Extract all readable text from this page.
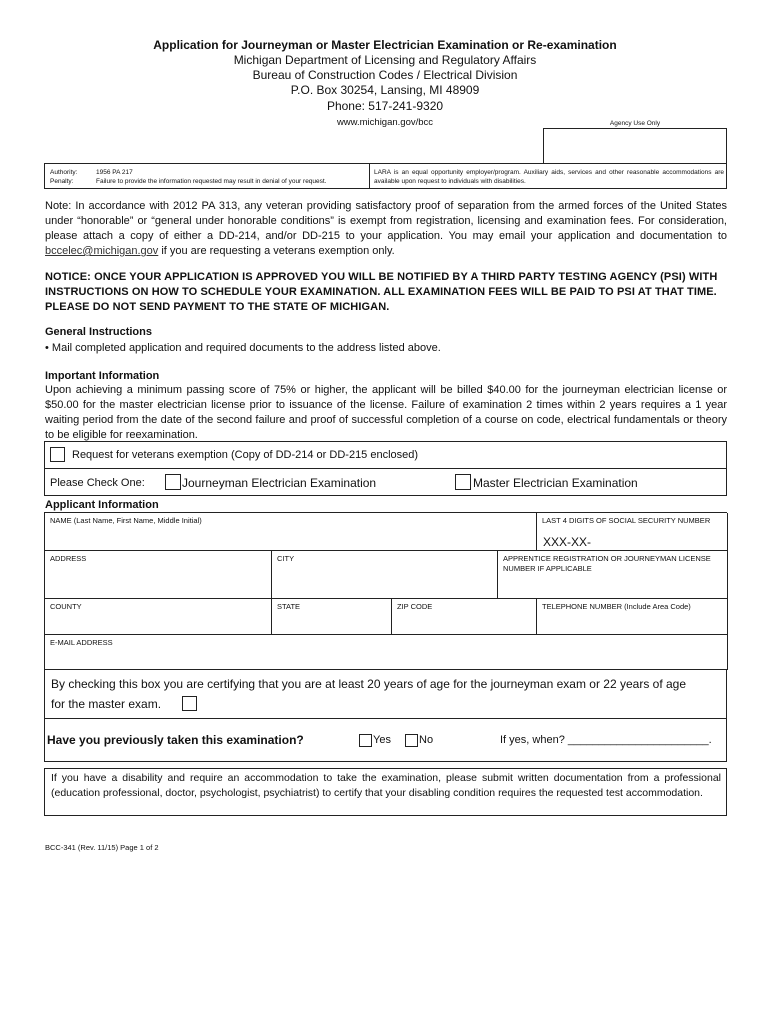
Application for Journeyman or Master Electrician Examination or Re-examination
Michigan Department of Licensing and Regulatory Affairs
Bureau of Construction Codes / Electrical Division
P.O. Box 30254, Lansing, MI 48909
Phone: 517-241-9320
www.michigan.gov/bcc	Agency Use Only
Authority:	1956 PA 217
Penalty:	Failure to provide the information requested may result in denial of your request.
LARA is an equal opportunity employer/program. Auxiliary aids, services and other reasonable accommodations are available upon request to individuals with disabilities.
Note: In accordance with 2012 PA 313, any veteran providing satisfactory proof of separation from the armed forces of the United States under “honorable” or “general under honorable conditions” is exempt from registration, licensing and examination fees. For consideration, please attach a copy of either a DD-214, and/or DD-215 to your application. You may email your application and documentation to bccelec@michigan.gov if you are requesting a veterans exemption only.
NOTICE: ONCE YOUR APPLICATION IS APPROVED YOU WILL BE NOTIFIED BY A THIRD PARTY TESTING AGENCY (PSI) WITH INSTRUCTIONS ON HOW TO SCHEDULE YOUR EXAMINATION. ALL EXAMINATION FEES WILL BE PAID TO PSI AT THAT TIME. PLEASE DO NOT SEND PAYMENT TO THE STATE OF MICHIGAN.
General Instructions
• Mail completed application and required documents to the address listed above.
Important Information
Upon achieving a minimum passing score of 75% or higher, the applicant will be billed $40.00 for the journeyman electrician license or $50.00 for the master electrician license prior to issuance of the license. Failure of examination 2 times within 2 years requires a 1 year waiting period from the date of the second failure and proof of successful completion of a course on code, electrical fundamentals or theory to be eligible for reexamination.
Request for veterans exemption (Copy of DD-214 or DD-215 enclosed)
Please Check One:	Journeyman Electrician Examination	Master Electrician Examination
Applicant Information
NAME (Last Name, First Name, Middle Initial)	LAST 4 DIGITS OF SOCIAL SECURITY NUMBER
XXX-XX-
ADDRESS	CITY	APPRENTICE REGISTRATION OR JOURNEYMAN LICENSE NUMBER IF APPLICABLE
COUNTY	STATE	ZIP CODE	TELEPHONE NUMBER (Include Area Code)
E-MAIL ADDRESS
By checking this box you are certifying that you are at least 20 years of age for the journeyman exam or 22 years of age
for the master exam.
Have you previously taken this examination?	Yes	No	If yes, when? _______________________.
If you have a disability and require an accommodation to take the examination, please submit written documentation from a professional (education professional, doctor, psychologist, psychiatrist) to certify that your disabling condition requires the requested test accommodation.
BCC-341 (Rev. 11/15) Page 1 of 2
